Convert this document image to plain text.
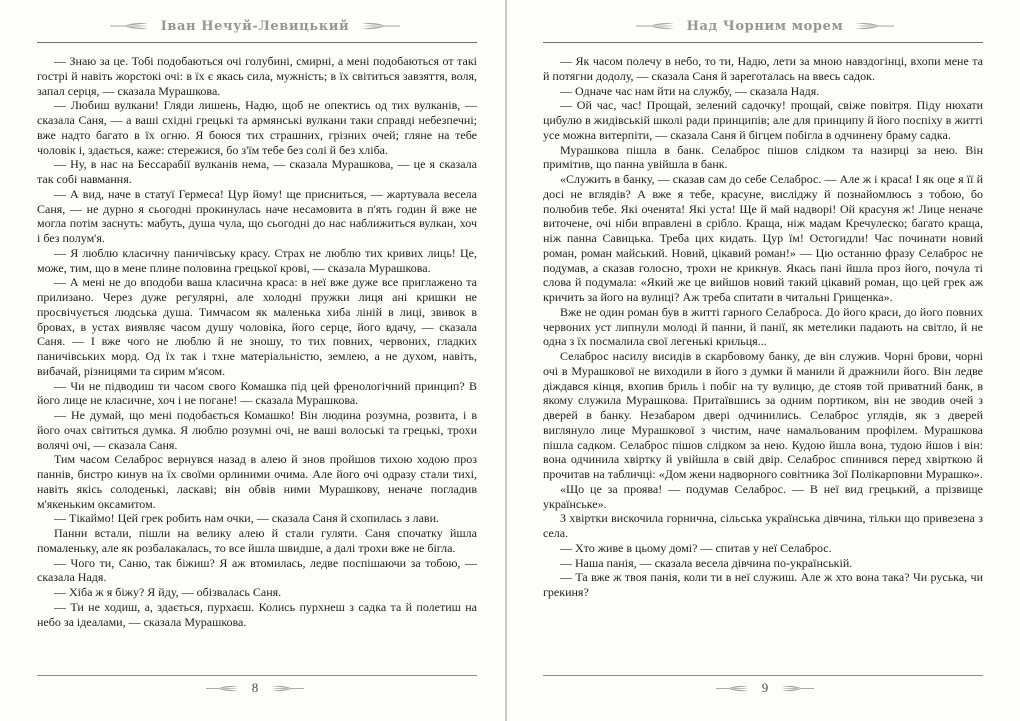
Іван Нечуй-Левицький

— Знаю за це. Тобі подобаються очі голубині, смирні, а мені подобаються от такі гострі й навіть жорстокі очі: в їх є якась сила, мужність; в їх світиться завзяття, воля, запал серця, — сказала Мурашкова.

— Любиш вулкани! Гляди лишень, Надю, щоб не опектись од тих вулканів, — сказала Саня, — а ваші східні грецькі та армянські вулкани таки справді небезпечні; вже надто багато в їх огню. Я боюся тих страшних, грізних очей; гляне на тебе чоловік і, здається, каже: стережися, бо з'їм тебе без солі й без хліба.

— Ну, в нас на Бессарабії вулканів нема, — сказала Мурашкова, — це я сказала так собі навмання.

— А вид, наче в статуї Гермеса! Цур йому! ще присниться, — жартувала весела Саня, — не дурно я сьогодні прокинулась наче несамовита в п'ять годин й вже не могла потім заснуть: мабуть, душа чула, що сьогодні до нас наближиться вулкан, хоч і без полум'я.

— Я люблю класичну паничівську красу. Страх не люблю тих кривих лиць! Це, може, тим, що в мене плине половина грецької крові, — сказала Мурашкова.

— А мені не до вподоби ваша класична краса: в неї вже дуже все приглажено та прилизано. Через дуже регулярні, але холодні пружки лиця ані кришки не просвічується людська душа. Тимчасом як маленька хиба ліній в лиці, звивок в бровах, в устах виявляє часом душу чоловіка, його серце, його вдачу, — сказала Саня. — І вже чого не люблю й не зношу, то тих повних, червоних, гладких паничівських морд. Од їх так і тхне матеріальністю, землею, а не духом, навіть, вибачай, різницями та сирим м'ясом.

— Чи не підводиш ти часом свого Комашка під цей френологічний принцип? В його лице не класичне, хоч і не погане! — сказала Мурашкова.

— Не думай, що мені подобається Комашко! Він людина розумна, розвита, і в його очах світиться думка. Я люблю розумні очі, не ваші волоські та грецькі, трохи волячі очі, — сказала Саня.

Тим часом Селаброс вернувся назад в алею й знов пройшов тихою ходою проз паннів, бистро кинув на їх своїми орлиними очима. Але його очі одразу стали тихі, навіть якісь солоденькі, ласкаві; він обвів ними Мурашкову, неначе погладив м'якеньким оксамитом.

— Тікаймо! Цей грек робить нам очки, — сказала Саня й схопилась з лави.

Панни встали, пішли на велику алею й стали гуляти. Саня спочатку йшла помаленьку, але як розбалакалась, то все йшла швидше, а далі трохи вже не бігла.

— Чого ти, Саню, так біжиш? Я аж втомилась, ледве поспішаючи за тобою, — сказала Надя.

— Хіба ж я біжу? Я йду, — обізвалась Саня.

— Ти не ходиш, а, здається, пурхаєш. Колись пурхнеш з садка та й полетиш на небо за ідеалами, — сказала Мурашкова.

8
Над Чорним морем

— Як часом полечу в небо, то ти, Надю, лети за мною навздогінці, вхопи мене та й потягни додолу, — сказала Саня й зареготалась на ввесь садок.

— Одначе час нам йти на службу, — сказала Надя.

— Ой час, час! Прощай, зелений садочку! прощай, свіже повітря. Піду нюхати цибулю в жидівській школі ради принципів; але для принципу й його поспіху в житті усе можна витерпіти, — сказала Саня й бігцем побігла в одчинену браму садка.

Мурашкова пішла в банк. Селаброс пішов слідком та назирці за нею. Він примітив, що панна увійшла в банк.

«Служить в банку, — сказав сам до себе Селаброс. — Але ж і краса! І як оце я її й досі не вглядів? А вже я тебе, красуне, висліджу й познайомлюсь з тобою, бо полюбив тебе. Які оченята! Які уста! Ще й май надворі! Ой красуня ж! Лице неначе виточене, очі ніби вправлені в срібло. Краща, ніж мадам Кречулеско; багато краща, ніж панна Савицька. Треба цих кидать. Цур їм! Остогидли! Час починати новий роман, роман майський. Новий, цікавий роман!» — Цю останню фразу Селаброс не подумав, а сказав голосно, трохи не крикнув. Якась пані йшла проз його, почула ті слова й подумала: «Який же це вийшов новий такий цікавий роман, що цей грек аж кричить за його на вулиці? Аж треба спитати в читальні Грищенка».

Вже не один роман був в житті гарного Селаброса. До його краси, до його повних червоних уст липнули молоді й панни, й панії, як метелики падають на світло, й не одна з їх посмалила свої легенькі крильця...

Селаброс насилу висидів в скарбовому банку, де він служив. Чорні брови, чорні очі в Мурашкової не виходили в його з думки й манили й дражнили його. Він ледве діждався кінця, вхопив бриль і побіг на ту вулицю, де стояв той приватний банк, в якому служила Мурашкова. Притаївшись за одним портиком, він не зводив очей з дверей в банку. Незабаром двері одчинились. Селаброс углядів, як з дверей виглянуло лице Мурашкової з чистим, наче намальованим профілем. Мурашкова пішла садком. Селаброс пішов слідком за нею. Кудою йшла вона, тудою йшов і він: вона одчинила хвіртку й увійшла в свій двір. Селаброс спинився перед хвірткою й прочитав на табличці: «Дом жени надворного совітника Зої Полікарповни Мурашко».

«Що це за проява! — подумав Селаброс. — В неї вид грецький, а прізвище українське».

З хвіртки вискочила горнична, сільська українська дівчина, тільки що привезена з села.

— Хто живе в цьому домі? — спитав у неї Селаброс.

— Наша панія, — сказала весела дівчина по-українській.

— Та вже ж твоя панія, коли ти в неї служиш. Але ж хто вона така? Чи руська, чи грекиня?

9
